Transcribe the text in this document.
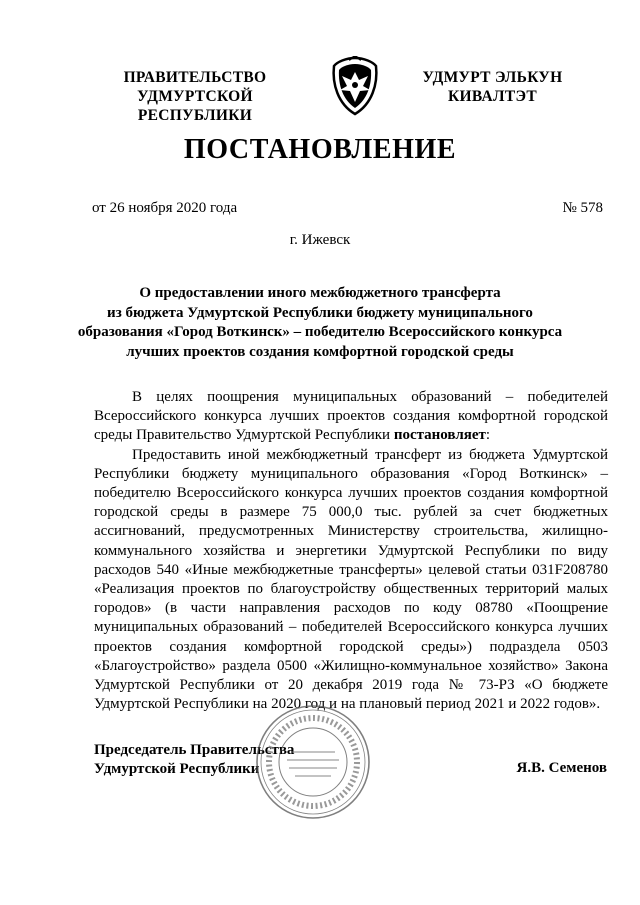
ПРАВИТЕЛЬСТВО
УДМУРТСКОЙ РЕСПУБЛИКИ
УДМУРТ ЭЛЬКУН
КИВАЛТЭТ
ПОСТАНОВЛЕНИЕ
от 26 ноября 2020 года	№ 578
г. Ижевск
О предоставлении иного межбюджетного трансферта
из бюджета Удмуртской Республики бюджету муниципального
образования «Город Воткинск» – победителю Всероссийского конкурса
лучших проектов создания комфортной городской среды

В целях поощрения муниципальных образований – победителей Всероссийского конкурса лучших проектов создания комфортной городской среды Правительство Удмуртской Республики постановляет:

Предоставить иной межбюджетный трансферт из бюджета Удмуртской Республики бюджету муниципального образования «Город Воткинск» – победителю Всероссийского конкурса лучших проектов создания комфортной городской среды в размере 75 000,0 тыс. рублей за счет бюджетных ассигнований, предусмотренных Министерству строительства, жилищно-коммунального хозяйства и энергетики Удмуртской Республики по виду расходов 540 «Иные межбюджетные трансферты» целевой статьи 031F208780 «Реализация проектов по благоустройству общественных территорий малых городов» (в части направления расходов по коду 08780 «Поощрение муниципальных образований – победителей Всероссийского конкурса лучших проектов создания комфортной городской среды») подраздела 0503 «Благоустройство» раздела 0500 «Жилищно-коммунальное хозяйство» Закона Удмуртской Республики от 20 декабря 2019 года № 73-РЗ «О бюджете Удмуртской Республики на 2020 год и на плановый период 2021 и 2022 годов».

Председатель Правительства
Удмуртской Республики	Я.В. Семенов
